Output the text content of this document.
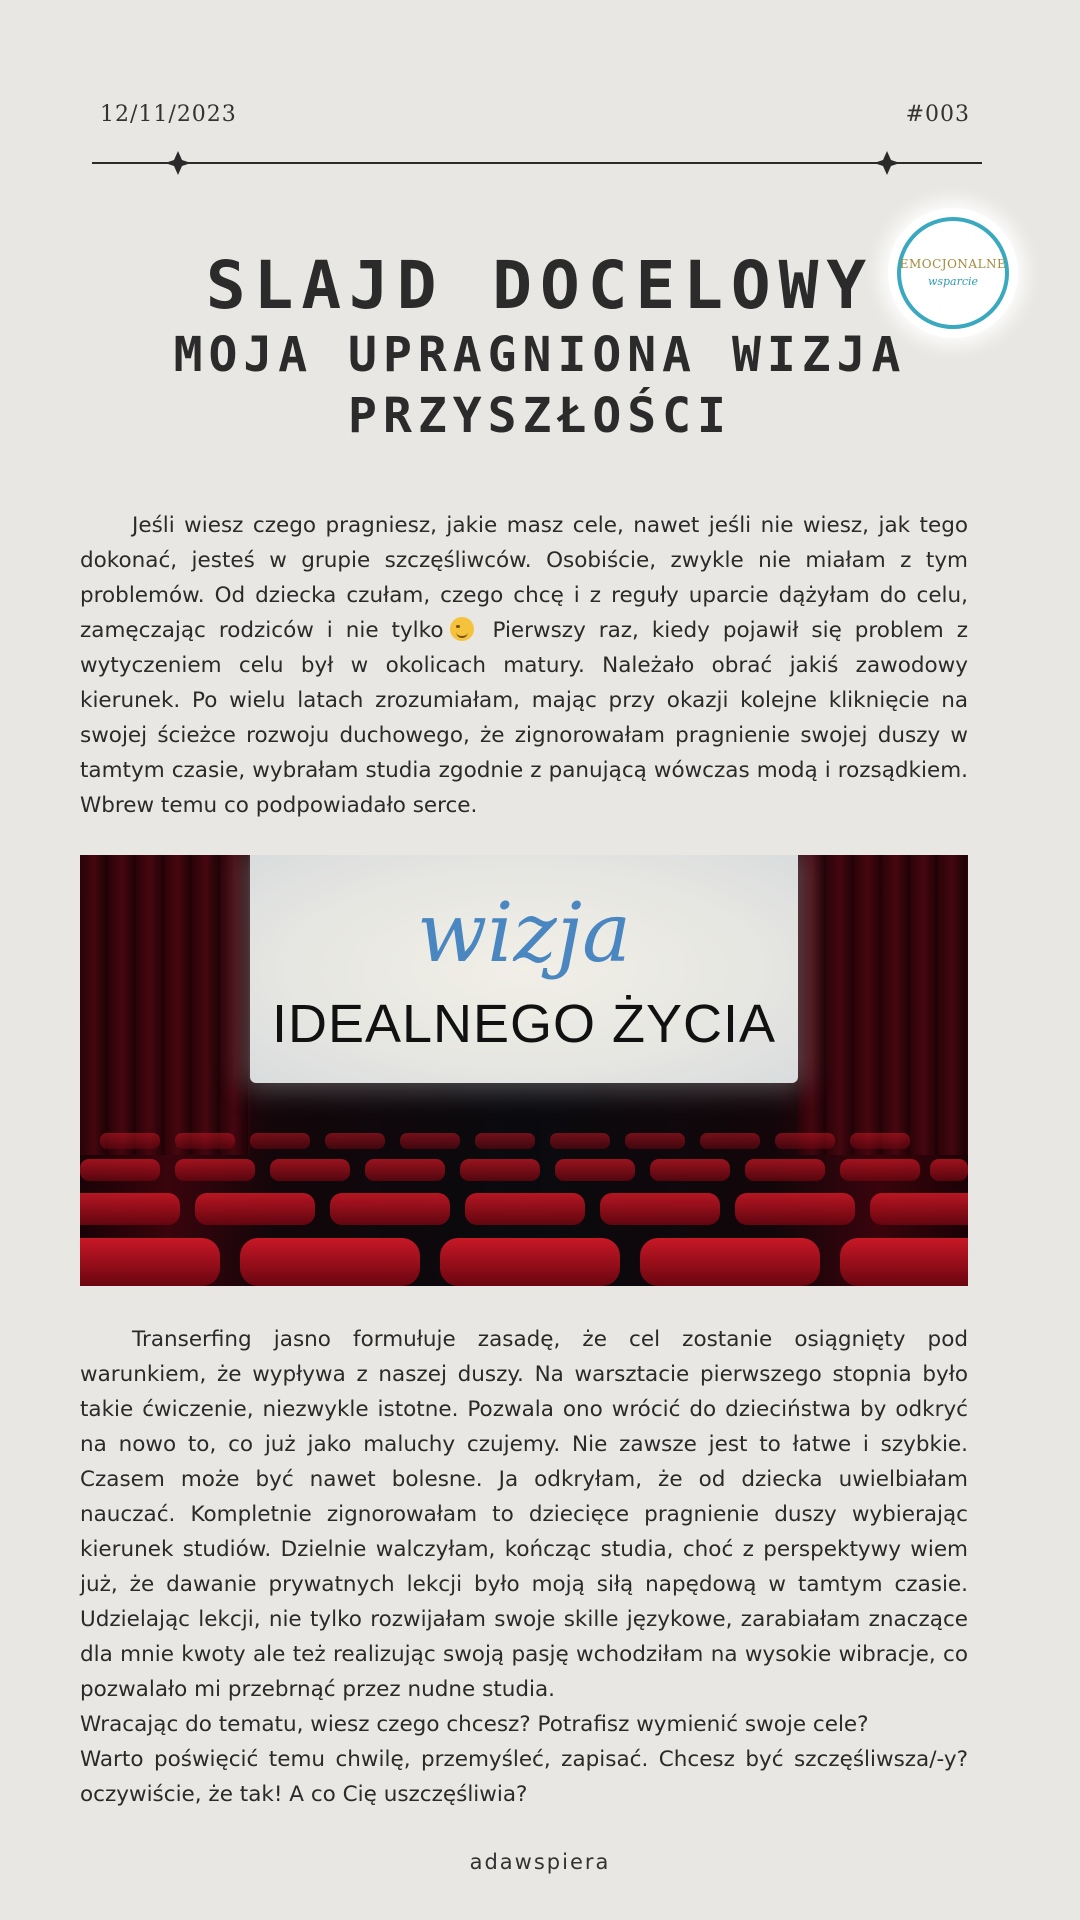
12/11/2023	#003
EMOCJONALNE
wsparcie
SLAJD DOCELOWY
MOJA UPRAGNIONA WIZJA
PRZYSZŁOŚCI

Jeśli wiesz czego pragniesz, jakie masz cele, nawet jeśli nie wiesz, jak tego dokonać, jesteś w grupie szczęśliwców. Osobiście, zwykle nie miałam z tym problemów. Od dziecka czułam, czego chcę i z reguły uparcie dążyłam do celu, zamęczając rodziców i nie tylko Pierwszy raz, kiedy pojawił się problem z wytyczeniem celu był w okolicach matury. Należało obrać jakiś zawodowy kierunek. Po wielu latach zrozumiałam, mając przy okazji kolejne kliknięcie na swojej ścieżce rozwoju duchowego, że zignorowałam pragnienie swojej duszy w tamtym czasie, wybrałam studia zgodnie z panującą wówczas modą i rozsądkiem. Wbrew temu co podpowiadało serce.

wizja
IDEALNEGO ŻYCIA

Transerfing jasno formułuje zasadę, że cel zostanie osiągnięty pod warunkiem, że wypływa z naszej duszy. Na warsztacie pierwszego stopnia było takie ćwiczenie, niezwykle istotne. Pozwala ono wrócić do dzieciństwa by odkryć na nowo to, co już jako maluchy czujemy. Nie zawsze jest to łatwe i szybkie. Czasem może być nawet bolesne. Ja odkryłam, że od dziecka uwielbiałam nauczać. Kompletnie zignorowałam to dziecięce pragnienie duszy wybierając kierunek studiów. Dzielnie walczyłam, kończąc studia, choć z perspektywy wiem już, że dawanie prywatnych lekcji było moją siłą napędową w tamtym czasie. Udzielając lekcji, nie tylko rozwijałam swoje skille językowe, zarabiałam znaczące dla mnie kwoty ale też realizując swoją pasję wchodziłam na wysokie wibracje, co pozwalało mi przebrnąć przez nudne studia.

Wracając do tematu, wiesz czego chcesz? Potrafisz wymienić swoje cele?
Warto poświęcić temu chwilę, przemyśleć, zapisać. Chcesz być szczęśliwsza/-y? oczywiście, że tak! A co Cię uszczęśliwia?
adawspiera
